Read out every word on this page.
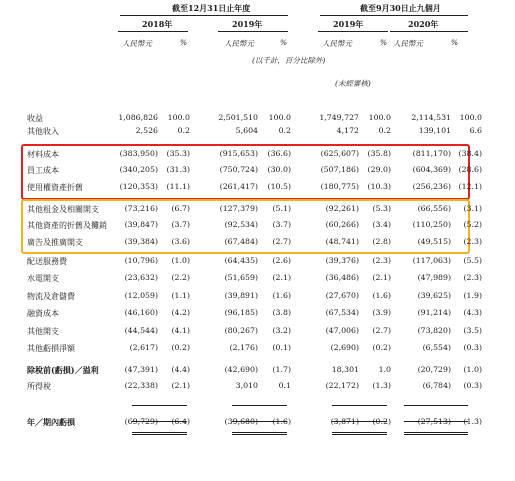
截至12月31日止年度	截至9月30日止九個月
2018年	2019年	2019年	2020年
人民幣元	%	人民幣元	%	人民幣元	% 人民幣元	%
(以千計，百分比除外)
(未經審核)
收益	1,086,826 100.0	2,501,510 100.0	1,749,727 100.0	2,114,531 100.0
其他收入	2,526	0.2	5,604	0.2	4,172	0.2	139,101 6.6
材料成本	(383,950) (35.3)	(915,653) (36.6)	(625,607) (35.8)	(811,170) (38.4)
員工成本	(340,205) (31.3)	(750,724) (30.0)	(507,186) (29.0)	(604,369) (28.6)
使用權資產折舊	(120,353) (11.1)	(261,417) (10.5)	(180,775) (10.3)	(256,236) (12.1)
其他租金及相關開支	(73,216) (6.7)	(127,379) (5.1)	(92,261) (5.3)	(66,556) (3.1)
其他資產的折舊及攤銷 (39,847) (3.7)	(92,534) (3.7)	(60,266) (3.4)	(110,250) (5.2)
廣告及推廣開支	(39,384) (3.6)	(67,484) (2.7)	(48,741) (2.8)	(49,515) (2.3)
配送服務費	(10,796) (1.0)	(64,435) (2.6)	(39,376) (2.3)	(117,063) (5.5)
水電開支	(23,632) (2.2)	(51,659) (2.1)	(36,486) (2.1)	(47,989) (2.3)
物流及倉儲費	(12,059) (1.1)	(39,891) (1.6)	(27,670) (1.6)	(39,625) (1.9)
融資成本	(46,160) (4.2)	(96,185) (3.8)	(67,534) (3.9)	(91,214) (4.3)
其他開支	(44,544) (4.1)	(80,267) (3.2)	(47,006) (2.7)	(73,820) (3.5)
其他虧損淨額	(2,617) (0.2)	(2,176) (0.1)	(2,690) (0.2)	(6,554) (0.3)
除稅前(虧損)／溢利	(47,391) (4.4)	(42,690) (1.7)	18,301	1.0	(20,729) (1.0)
所得稅	(22,338) (2.1)	3,010	0.1	(22,172) (1.3)	(6,784) (0.3)
年／期內虧損	(69,729) (6.4)	(39,680) (1.6)	(3,871) (0.2)	(27,513) (1.3)
